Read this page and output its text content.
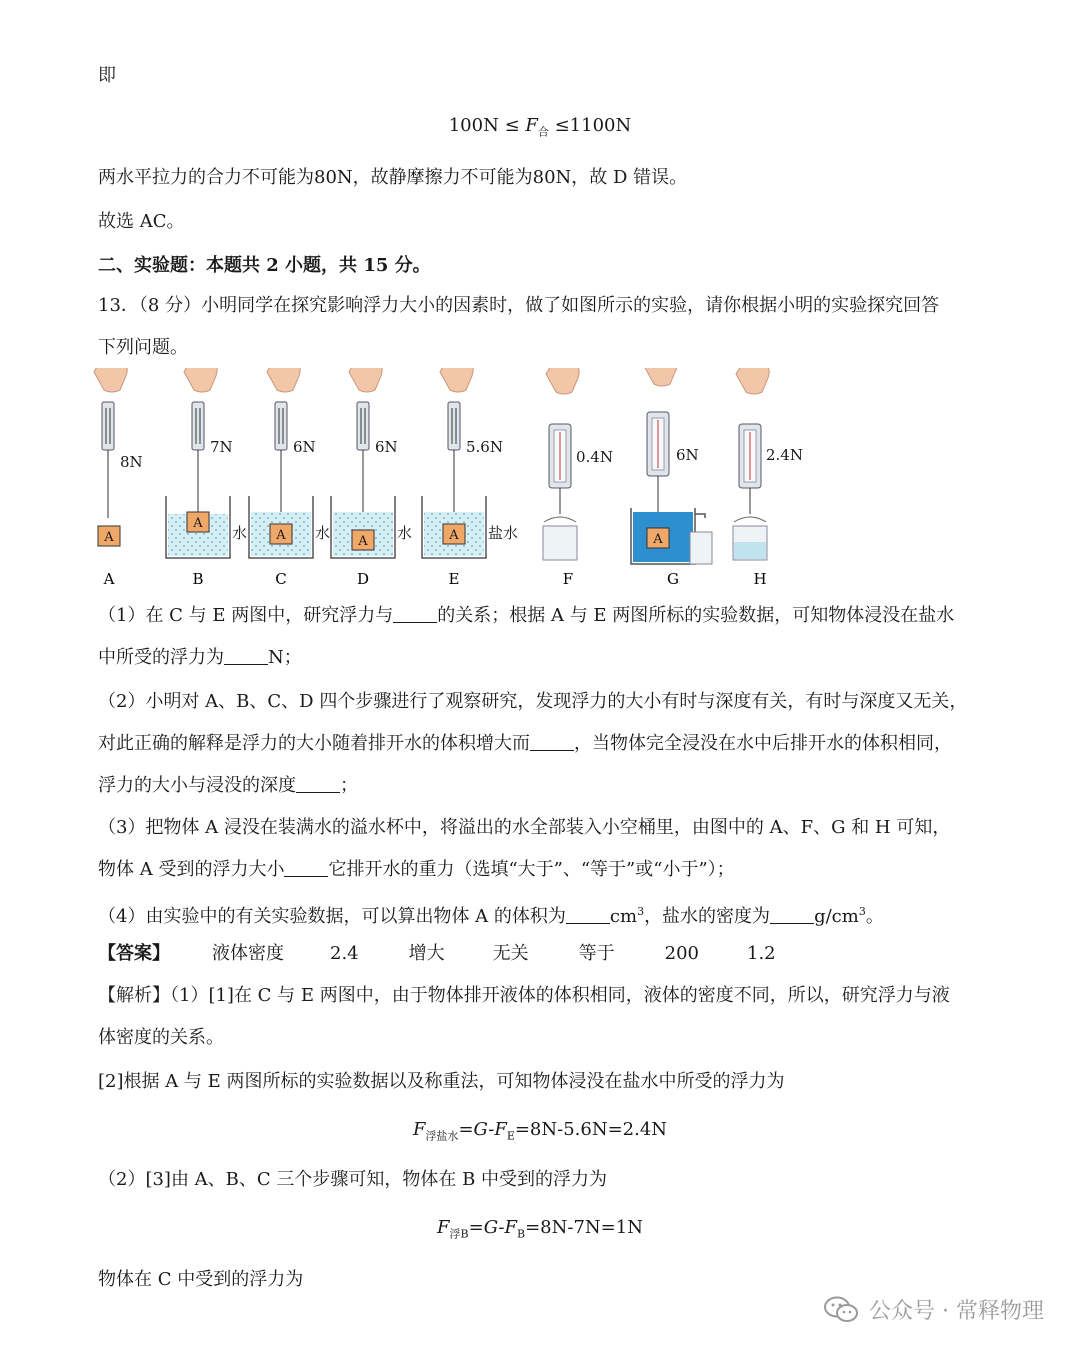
即
$100N \le F_合 \le 1100N$
两水平拉力的合力不可能为80N，故静摩擦力不可能为80N，故 D 错误。
故选 AC。
二、实验题：本题共 2 小题，共 15 分。
13．（8 分）小明同学在探究影响浮力大小的因素时，做了如图所示的实验，请你根据小明的实验探究回答
下列问题。
A
8N
A
7N
水 A
6N
水 A
6N
水	A
5.6N
盐水
0.4N
A
6N	2.4N
A	B	C	D	E	F	G	H
（1）在 C 与 E 两图中，研究浮力与 的关系；根据 A 与 E 两图所标的实验数据，可知物体浸没在盐水
中所受的浮力为 N；
（2）小明对 A、B、C、D 四个步骤进行了观察研究，发现浮力的大小有时与深度有关，有时与深度又无关，
对此正确的解释是浮力的大小随着排开水的体积增大而 ，当物体完全浸没在水中后排开水的体积相同，
浮力的大小与浸没的深度 ；
（3）把物体 A 浸没在装满水的溢水杯中，将溢出的水全部装入小空桶里，由图中的 A、F、G 和 H 可知，
物体 A 受到的浮力大小 它排开水的重力（选填“大于”、“等于”或“小于”）；
（4）由实验中的有关实验数据，可以算出物体 A 的体积为 $cm^3$，盐水的密度为 $g/cm^3$。
【答案】 液体密度	2.4	增大	无关	等于	200	1.2
【解析】（1）[1]在 C 与 E 两图中，由于物体排开液体的体积相同，液体的密度不同，所以，研究浮力与液
体密度的关系。
[2]根据 A 与 E 两图所标的实验数据以及称重法，可知物体浸没在盐水中所受的浮力为
$F_{浮盐水}=G-F_E=8N-5.6N=2.4N$
（2）[3]由 A、B、C 三个步骤可知，物体在 B 中受到的浮力为
$F_{浮B}=G-F_B=8N-7N=1N$
物体在 C 中受到的浮力为
公众号 · 常释物理
